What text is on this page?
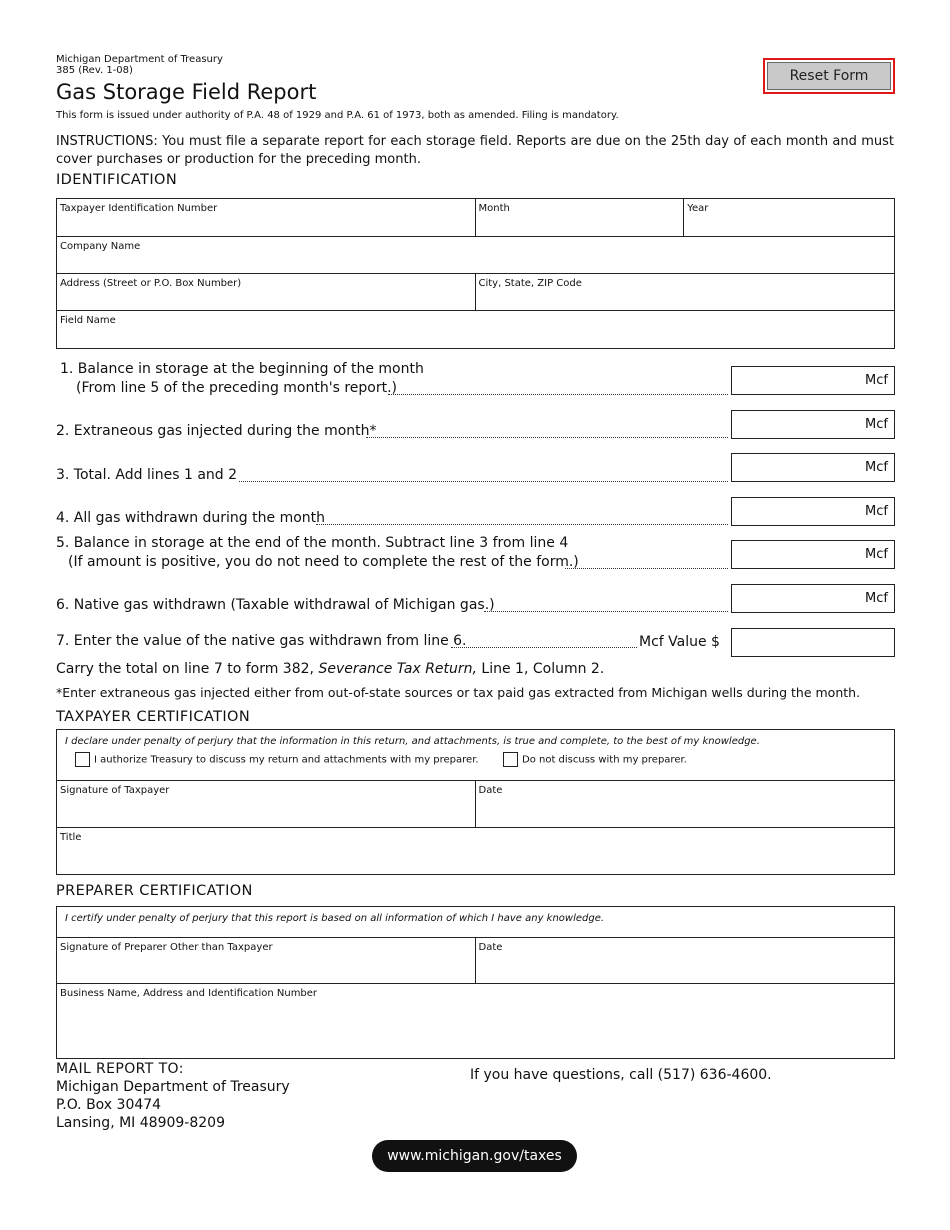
Michigan Department of Treasury
385 (Rev. 1-08)
Gas Storage Field Report
This form is issued under authority of P.A. 48 of 1929 and P.A. 61 of 1973, both as amended. Filing is mandatory.
Reset Form
INSTRUCTIONS: You must file a separate report for each storage field. Reports are due on the 25th day of each month and must cover purchases or production for the preceding month.
IDENTIFICATION
Taxpayer Identification Number	Month	Year
Company Name		
Address (Street or P.O. Box Number)	City, State, ZIP Code	
Field Name		
1. Balance in storage at the beginning of the month
(From line 5 of the preceding month's report.)	Mcf
2. Extraneous gas injected during the month*	Mcf
3. Total. Add lines 1 and 2	Mcf
4. All gas withdrawn during the month	Mcf
5. Balance in storage at the end of the month. Subtract line 3 from line 4
(If amount is positive, you do not need to complete the rest of the form.)	Mcf
6. Native gas withdrawn (Taxable withdrawal of Michigan gas.)	Mcf
7. Enter the value of the native gas withdrawn from line 6.	Mcf Value $
Carry the total on line 7 to form 382, Severance Tax Return, Line 1, Column 2.
*Enter extraneous gas injected either from out-of-state sources or tax paid gas extracted from Michigan wells during the month.
TAXPAYER CERTIFICATION
I declare under penalty of perjury that the information in this return, and attachments, is true and complete, to the best of my knowledge.
I authorize Treasury to discuss my return and attachments with my preparer.	Do not discuss with my preparer.

Signature of Taxpayer	Date
Title
PREPARER CERTIFICATION
I certify under penalty of perjury that this report is based on all information of which I have any knowledge.
Signature of Preparer Other than Taxpayer	Date
Business Name, Address and Identification Number
MAIL REPORT TO:
Michigan Department of Treasury
P.O. Box 30474
Lansing, MI 48909-8209
If you have questions, call (517) 636-4600.
www.michigan.gov/taxes
